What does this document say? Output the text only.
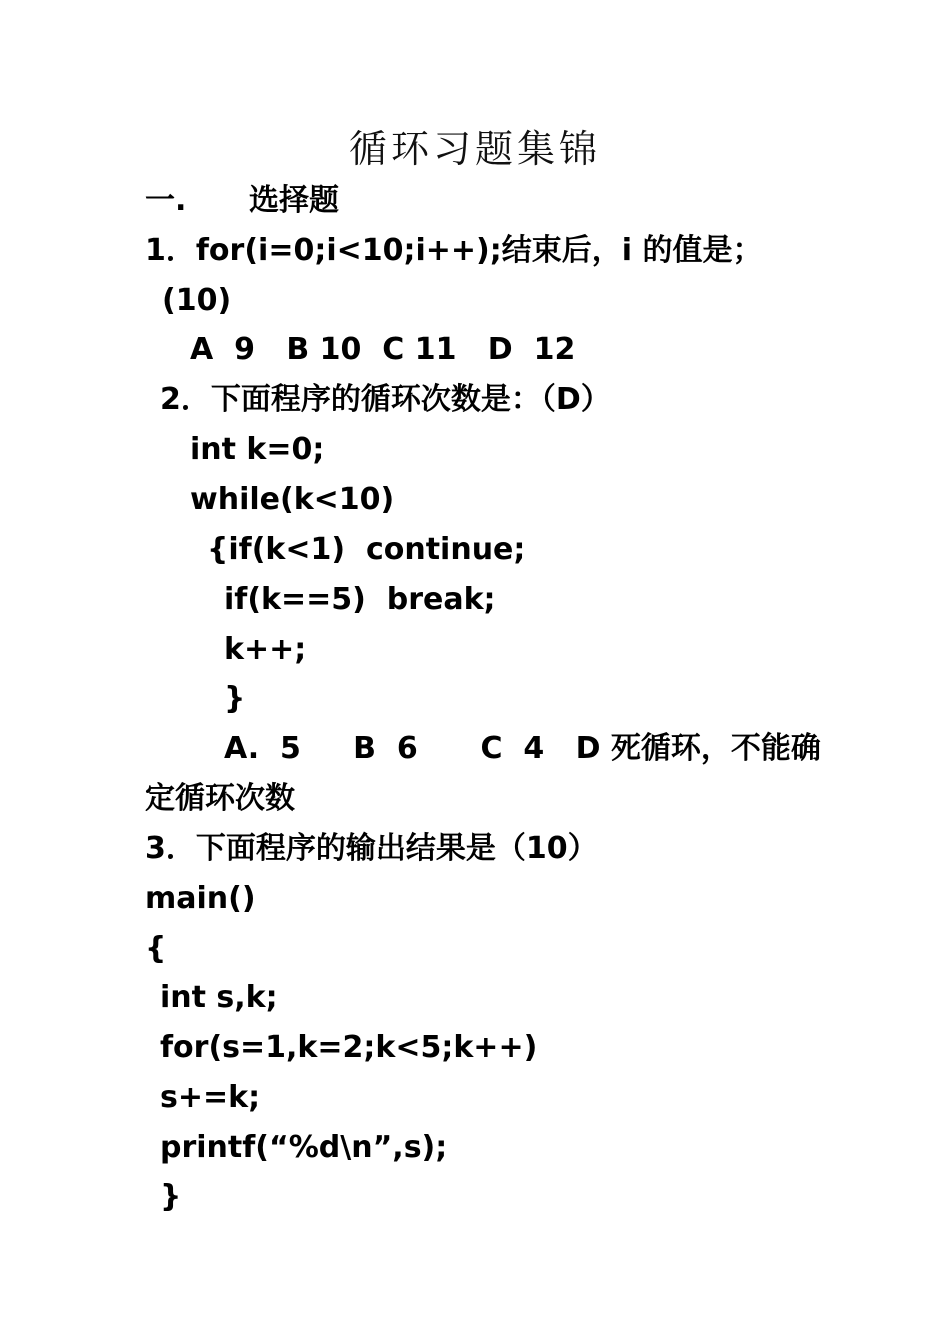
循环习题集锦
一.      选择题
1．for(i=0;i<10;i++);结束后，i 的值是；
(10)
A  9   B 10  C 11   D  12
2．下面程序的循环次数是：（D）
int k=0;
while(k<10)
{if(k<1)  continue;
if(k==5)  break;
k++;
}
A.  5     B  6      C  4   D 死循环，不能确
定循环次数
3．下面程序的输出结果是（10）
main()
{
int s,k;
for(s=1,k=2;k<5;k++)
s+=k;
printf(“%d\n”,s);
}
